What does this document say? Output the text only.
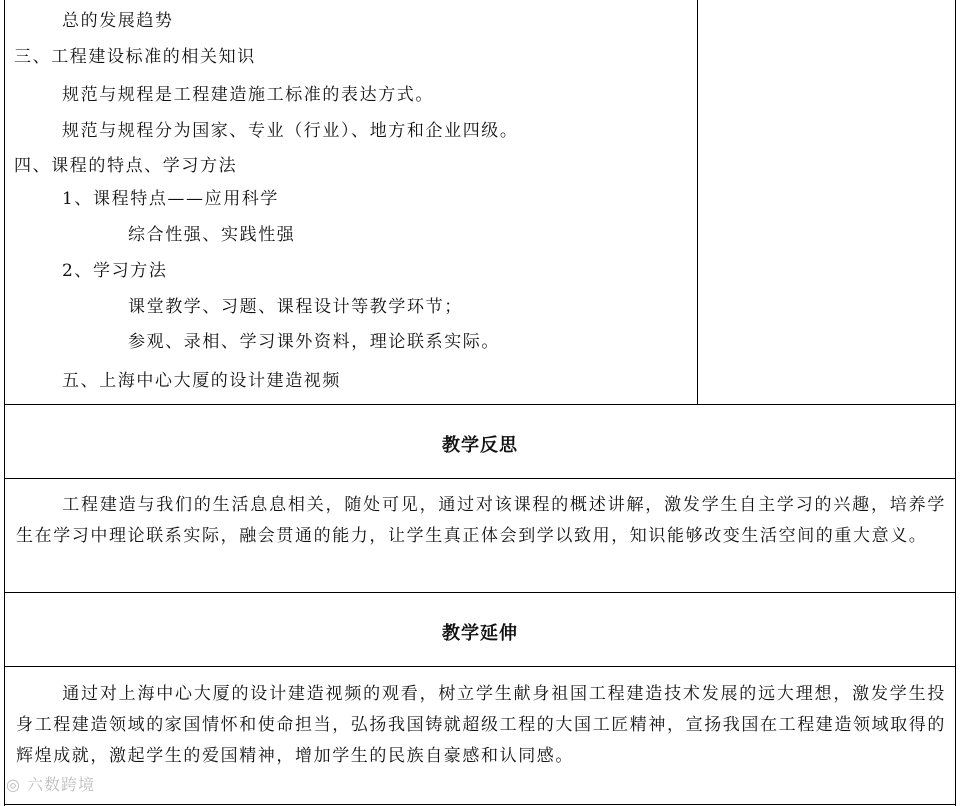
总的发展趋势
三、工程建设标准的相关知识
规范与规程是工程建造施工标准的表达方式。
规范与规程分为国家、专业（行业）、地方和企业四级。
四、课程的特点、学习方法
1、课程特点——应用科学
综合性强、实践性强
2、学习方法
课堂教学、习题、课程设计等教学环节；
参观、录相、学习课外资料，理论联系实际。
五、上海中心大厦的设计建造视频
教学反思
工程建造与我们的生活息息相关，随处可见，通过对该课程的概述讲解，激发学生自主学习的兴趣，培养学生在学习中理论联系实际，融会贯通的能力，让学生真正体会到学以致用，知识能够改变生活空间的重大意义。
教学延伸
通过对上海中心大厦的设计建造视频的观看，树立学生献身祖国工程建造技术发展的远大理想，激发学生投身工程建造领域的家国情怀和使命担当，弘扬我国铸就超级工程的大国工匠精神，宣扬我国在工程建造领域取得的辉煌成就，激起学生的爱国精神，增加学生的民族自豪感和认同感。
◎ 六数跨境
